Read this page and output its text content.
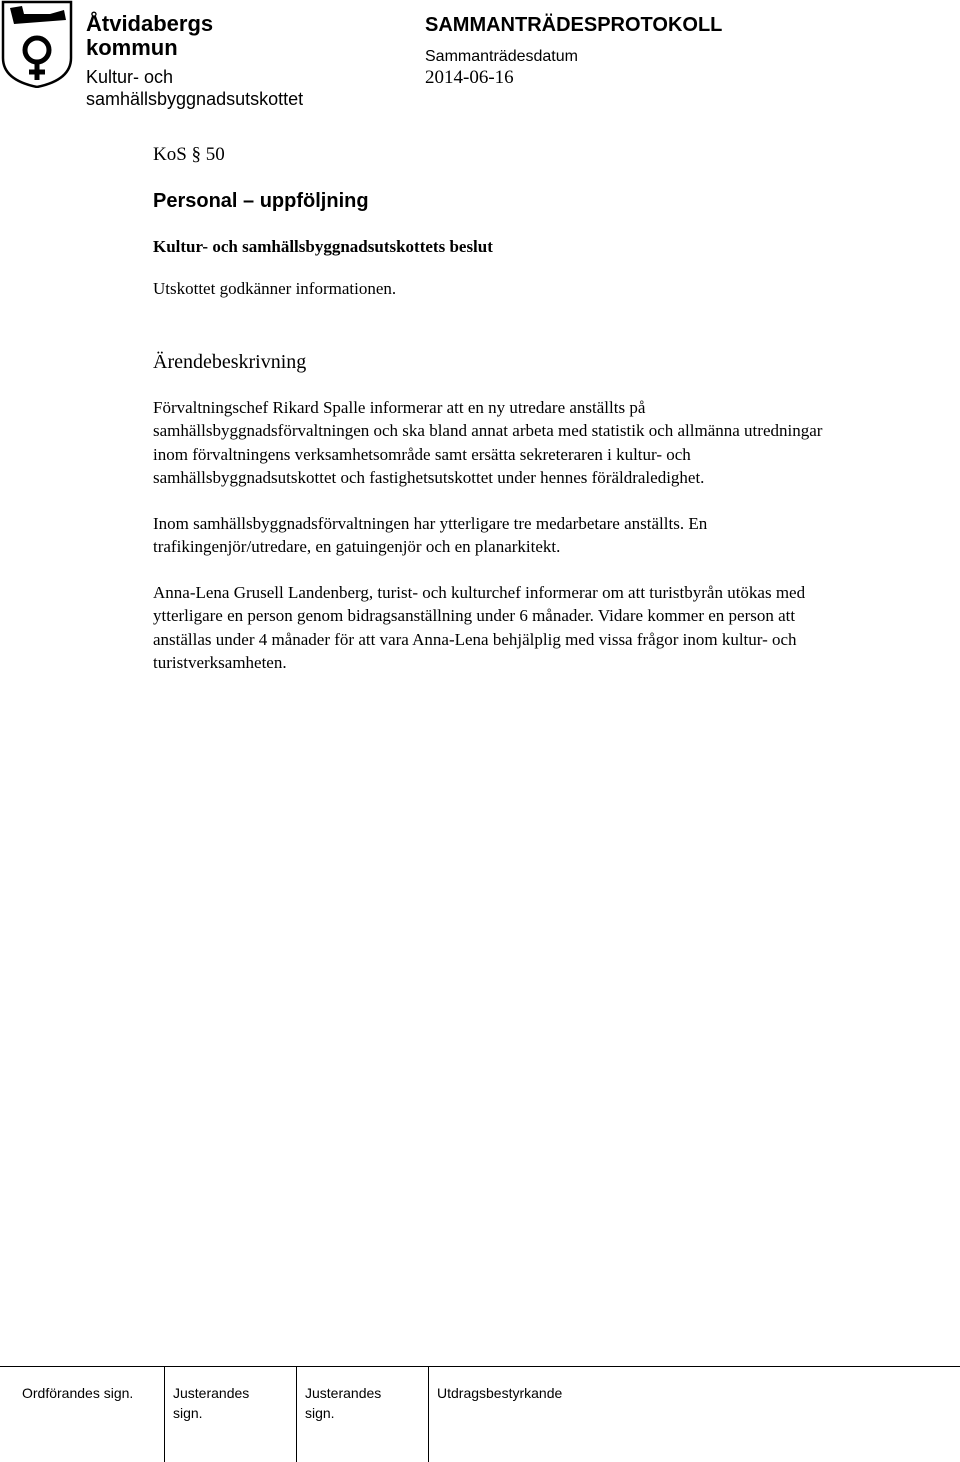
Åtvidabergs
kommun
Kultur- och
samhällsbyggnadsutskottet
SAMMANTRÄDESPROTOKOLL
Sammanträdesdatum
2014-06-16
KoS § 50
Personal – uppföljning
Kultur- och samhällsbyggnadsutskottets beslut
Utskottet godkänner informationen.
Ärendebeskrivning
Förvaltningschef Rikard Spalle informerar att en ny utredare anställts på samhällsbyggnadsförvaltningen och ska bland annat arbeta med statistik och allmänna utredningar inom förvaltningens verksamhetsområde samt ersätta sekreteraren i kultur- och samhällsbyggnadsutskottet och fastighetsutskottet under hennes föräldraledighet.
Inom samhällsbyggnadsförvaltningen har ytterligare tre medarbetare anställts. En trafikingenjör/utredare, en gatuingenjör och en planarkitekt.
Anna-Lena Grusell Landenberg, turist- och kulturchef informerar om att turistbyrån utökas med ytterligare en person genom bidragsanställning under 6 månader. Vidare kommer en person att anställas under 4 månader för att vara Anna-Lena behjälplig med vissa frågor inom kultur- och turistverksamheten.
Ordförandes sign.	Justerandes
sign.
Justerandes
sign.
Utdragsbestyrkande
